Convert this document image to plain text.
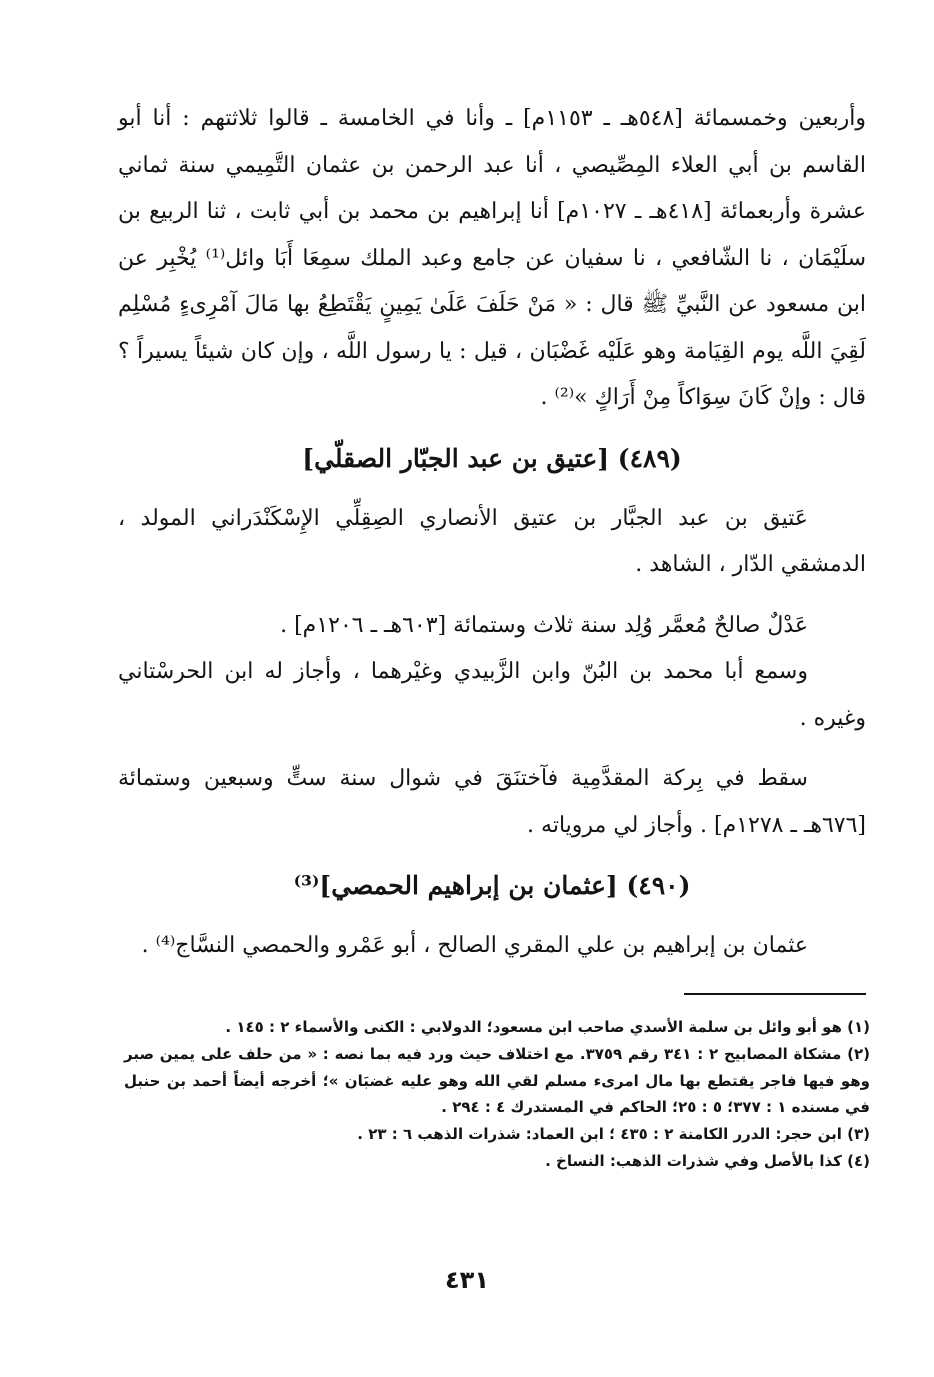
وأربعين وخمسمائة [٥٤٨هـ ـ ١١٥٣م] ـ وأنا في الخامسة ـ قالوا ثلاثتهم : أنا أبو القاسم بن أبي العلاء المِصِّيصي ، أنا عبد الرحمن بن عثمان التَّمِيمي سنة ثماني عشرة وأربعمائة [٤١٨هـ ـ ١٠٢٧م] أنا إبراهيم بن محمد بن أبي ثابت ، ثنا الربيع بن سلَيْمَان ، نا الشّافعي ، نا سفيان عن جامع وعبد الملك سمِعَا أَبَا وائل⁽¹⁾ يُخْبِر عن ابن مسعود عن النَّبيِّ ﷺ قال : « مَنْ حَلَفَ عَلَىٰ يَمِينٍ يَقْتَطِعُ بها مَالَ آمْرِىءٍ مُسْلِم لَقِيَ اللَّه يوم القِيَامة وهو عَلَيْه غَضْبَان ، قيل : يا رسول اللَّه ، وإن كان شيئاً يسيراً ؟ قال : وإنْ كَانَ سِوَاكاً مِنْ أَرَاكٍ »⁽²⁾ .
(٤٨٩) [عتيق بن عبد الجبّار الصقلّي]
عَتيق بن عبد الجبَّار بن عتيق الأنصاري الصِقِلِّي الإِسْكَنْدَراني المولد ، الدمشقي الدّار ، الشاهد .
عَدْلٌ صالحٌ مُعمَّر وُلِد سنة ثلاث وستمائة [٦٠٣هـ ـ ١٢٠٦م] .
وسمع أبا محمد بن البُنّ وابن الزَّبيدي وغيْرهما ، وأجاز له ابن الحرسْتاني وغيره .
سقط في بِركة المقدَّمِية فآختنَقَ في شوال سنة ستٍّ وسبعين وستمائة [٦٧٦هـ ـ ١٢٧٨م] . وأجاز لي مروياته .
(٤٩٠) [عثمان بن إبراهيم الحمصي]⁽³⁾
عثمان بن إبراهيم بن علي المقري الصالح ، أبو عَمْرو والحمصي النسَّاج⁽⁴⁾ .

(١) هو أبو وائل بن سلمة الأسدي صاحب ابن مسعود؛ الدولابي : الكنى والأسماء ٢ : ١٤٥ .

(٢) مشكاة المصابيح ٢ : ٣٤١ رقم ٣٧٥٩. مع اختلاف حيث ورد فيه بما نصه : « من حلف على يمين صبر وهو فيها فاجر يقتطع بها مال امرىء مسلم لقي الله وهو عليه غضبَان »؛ أخرجه أيضاً أحمد بن حنبل في مسنده ١ : ٣٧٧؛ ٥ : ٢٥؛ الحاكم في المستدرك ٤ : ٢٩٤ .

(٣) ابن حجر: الدرر الكامنة ٢ : ٤٣٥ ؛ ابن العماد: شذرات الذهب ٦ : ٢٣ .

(٤) كذا بالأصل وفي شذرات الذهب: النساخ .

٤٣١
